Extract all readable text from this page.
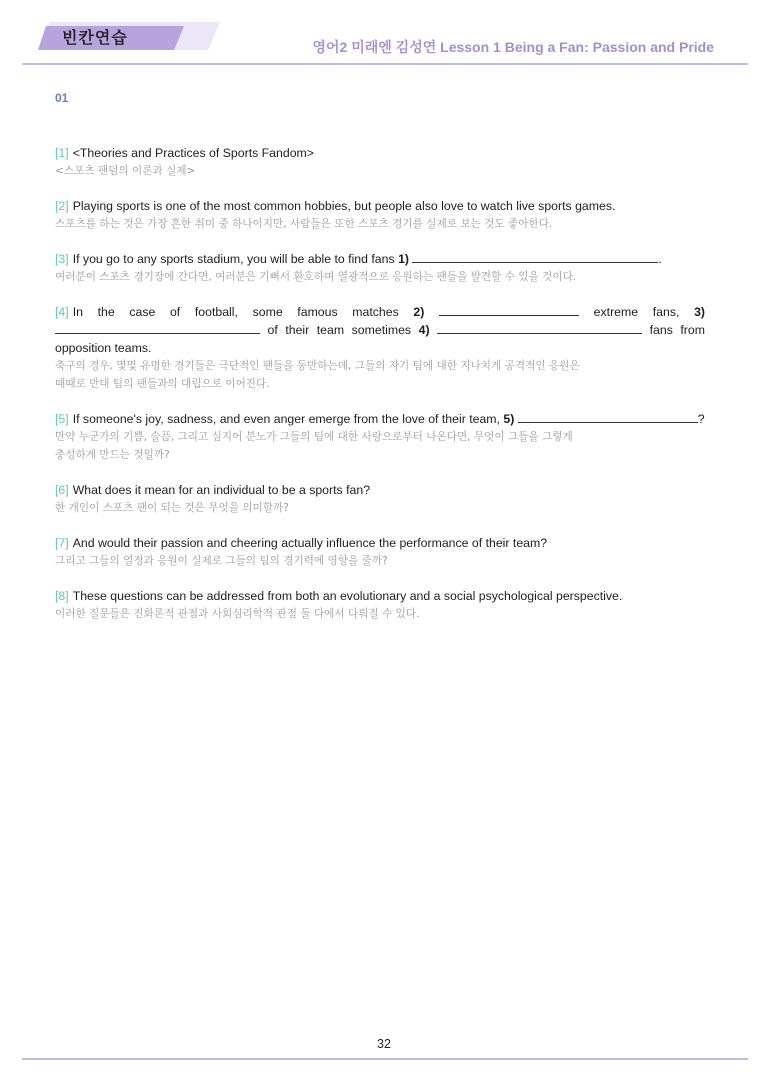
빈칸연습	영어2 미래엔 김성연 Lesson 1 Being a Fan: Passion and Pride
01
[1] <Theories and Practices of Sports Fandom>
<스포츠 팬덤의 이론과 실제>
[2] Playing sports is one of the most common hobbies, but people also love to watch live sports games.
스포츠를 하는 것은 가장 흔한 취미 중 하나이지만, 사람들은 또한 스포츠 경기를 실제로 보는 것도 좋아한다.
[3] If you go to any sports stadium, you will be able to find fans 1)	.
여러분이 스포츠 경기장에 간다면, 여러분은 기뻐서 환호하며 열광적으로 응원하는 팬들을 발견할 수 있을 것이다.
[4] In the case of football, some famous matches 2)	extreme fans, 3)  of their team sometimes 4)	fans from opposition teams.
축구의 경우, 몇몇 유명한 경기들은 극단적인 팬들을 동반하는데, 그들의 자기 팀에 대한 지나치게 공격적인 응원은
때때로 반대 팀의 팬들과의 대립으로 이어진다.
[5] If someone's joy, sadness, and even anger emerge from the love of their team, 5)	?
만약 누군가의 기쁨, 슬픔, 그리고 심지어 분노가 그들의 팀에 대한 사랑으로부터 나온다면, 무엇이 그들을 그렇게
충성하게 만드는 것일까?
[6] What does it mean for an individual to be a sports fan?
한 개인이 스포츠 팬이 되는 것은 무엇을 의미할까?
[7] And would their passion and cheering actually influence the performance of their team?
그리고 그들의 열정과 응원이 실제로 그들의 팀의 경기력에 영향을 줄까?
[8] These questions can be addressed from both an evolutionary and a social psychological perspective.
이러한 질문들은 진화론적 관점과 사회심리학적 관점 둘 다에서 다뤄질 수 있다.
32
